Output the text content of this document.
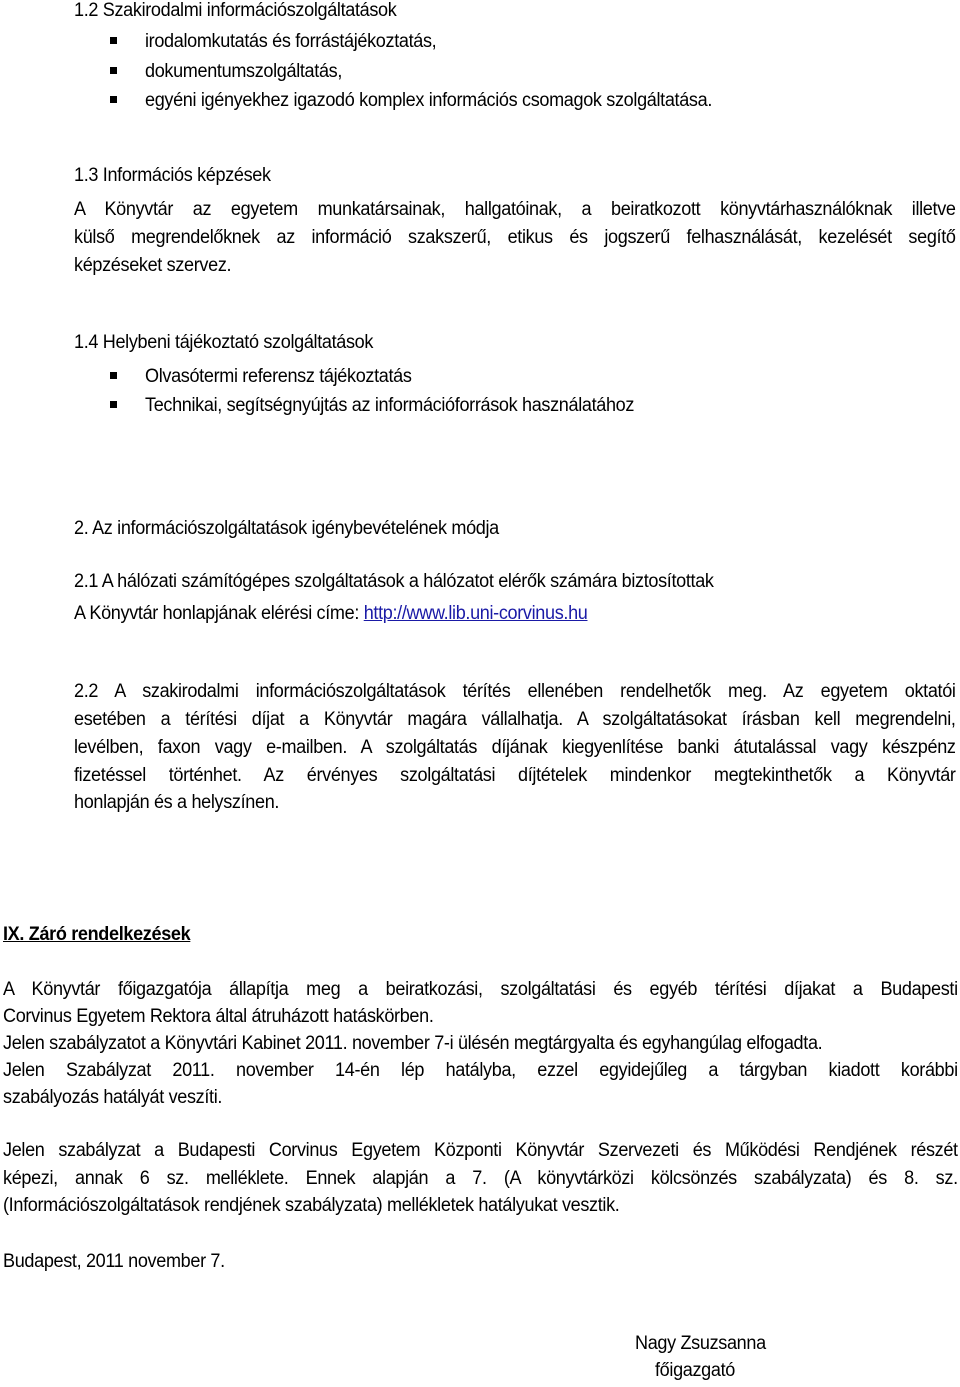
1.2 Szakirodalmi információszolgáltatások
irodalomkutatás és forrástájékoztatás,
dokumentumszolgáltatás,
egyéni igényekhez igazodó komplex információs csomagok szolgáltatása.
1.3 Információs képzések
A Könyvtár az egyetem munkatársainak, hallgatóinak, a beiratkozott könyvtárhasználóknak illetve
külső megrendelőknek az információ szakszerű, etikus és jogszerű felhasználását, kezelését segítő
képzéseket szervez.
1.4 Helybeni tájékoztató szolgáltatások
Olvasótermi referensz tájékoztatás
Technikai, segítségnyújtás az információforrások használatához
2. Az információszolgáltatások igénybevételének módja
2.1 A hálózati számítógépes szolgáltatások a hálózatot elérők számára biztosítottak
A Könyvtár honlapjának elérési címe: http://www.lib.uni-corvinus.hu
2.2 A szakirodalmi információszolgáltatások térítés ellenében rendelhetők meg. Az egyetem oktatói
esetében a térítési díjat a Könyvtár magára vállalhatja. A szolgáltatásokat írásban kell megrendelni,
levélben, faxon vagy e-mailben. A szolgáltatás díjának kiegyenlítése banki átutalással vagy készpénz
fizetéssel történhet. Az érvényes szolgáltatási díjtételek mindenkor megtekinthetők a Könyvtár
honlapján és a helyszínen.
IX. Záró rendelkezések
A Könyvtár főigazgatója állapítja meg a beiratkozási, szolgáltatási és egyéb térítési díjakat a Budapesti
Corvinus Egyetem Rektora által átruházott hatáskörben.
Jelen szabályzatot a Könyvtári Kabinet 2011. november 7-i ülésén megtárgyalta és egyhangúlag elfogadta.
Jelen Szabályzat 2011. november 14-én lép hatályba, ezzel egyidejűleg a tárgyban kiadott korábbi
szabályozás hatályát veszíti.
Jelen szabályzat a Budapesti Corvinus Egyetem Központi Könyvtár Szervezeti és Működési Rendjének részét
képezi, annak 6 sz. melléklete. Ennek alapján a 7. (A könyvtárközi kölcsönzés szabályzata) és 8. sz.
(Információszolgáltatások rendjének szabályzata) mellékletek hatályukat vesztik.
Budapest, 2011 november 7.
Nagy Zsuzsanna
főigazgató
